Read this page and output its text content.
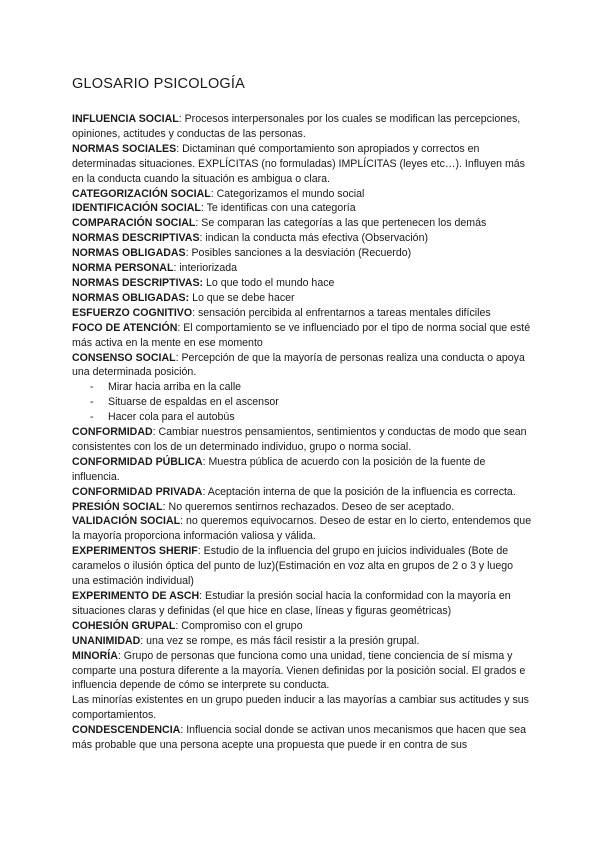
GLOSARIO PSICOLOGÍA

INFLUENCIA SOCIAL: Procesos interpersonales por los cuales se modifican las percepciones, opiniones, actitudes y conductas de las personas.

NORMAS SOCIALES: Dictaminan qué comportamiento son apropiados y correctos en determinadas situaciones. EXPLÍCITAS (no formuladas) IMPLÍCITAS (leyes etc…). Influyen más en la conducta cuando la situación es ambigua o clara.

CATEGORIZACIÓN SOCIAL: Categorizamos el mundo social

IDENTIFICACIÓN SOCIAL: Te identificas con una categoría

COMPARACIÓN SOCIAL: Se comparan las categorías a las que pertenecen los demás

NORMAS DESCRIPTIVAS: indican la conducta más efectiva (Observación)

NORMAS OBLIGADAS: Posibles sanciones a la desviación (Recuerdo)

NORMA PERSONAL: interiorizada

NORMAS DESCRIPTIVAS: Lo que todo el mundo hace

NORMAS OBLIGADAS: Lo que se debe hacer

ESFUERZO COGNITIVO: sensación percibida al enfrentarnos a tareas mentales difíciles

FOCO DE ATENCIÓN: El comportamiento se ve influenciado por el tipo de norma social que esté más activa en la mente en ese momento

CONSENSO SOCIAL: Percepción de que la mayoría de personas realiza una conducta o apoya una determinada posición.

- Mirar hacia arriba en la calle
- Situarse de espaldas en el ascensor
- Hacer cola para el autobús

CONFORMIDAD: Cambiar nuestros pensamientos, sentimientos y conductas de modo que sean consistentes con los de un determinado individuo, grupo o norma social.

CONFORMIDAD PÚBLICA: Muestra pública de acuerdo con la posición de la fuente de influencia.

CONFORMIDAD PRIVADA: Aceptación interna de que la posición de la influencia es correcta.

PRESIÓN SOCIAL: No queremos sentirnos rechazados. Deseo de ser aceptado.

VALIDACIÓN SOCIAL: no queremos equivocarnos. Deseo de estar en lo cierto, entendemos que la mayoría proporciona información valiosa y válida.

EXPERIMENTOS SHERIF: Estudio de la influencia del grupo en juicios individuales (Bote de caramelos o ilusión óptica del punto de luz)(Estimación en voz alta en grupos de 2 o 3 y luego una estimación individual)

EXPERIMENTO DE ASCH: Estudiar la presión social hacia la conformidad con la mayoría en situaciones claras y definidas (el que hice en clase, líneas y figuras geométricas)

COHESIÓN GRUPAL: Compromiso con el grupo

UNANIMIDAD: una vez se rompe, es más fácil resistir a la presión grupal.

MINORÍA: Grupo de personas que funciona como una unidad, tiene conciencia de sí misma y comparte una postura diferente a la mayoría. Vienen definidas por la posición social. El grados e influencia depende de cómo se interprete su conducta.

Las minorías existentes en un grupo pueden inducir a las mayorías a cambiar sus actitudes y sus comportamientos.

CONDESCENDENCIA: Influencia social donde se activan unos mecanismos que hacen que sea más probable que una persona acepte una propuesta que puede ir en contra de sus
